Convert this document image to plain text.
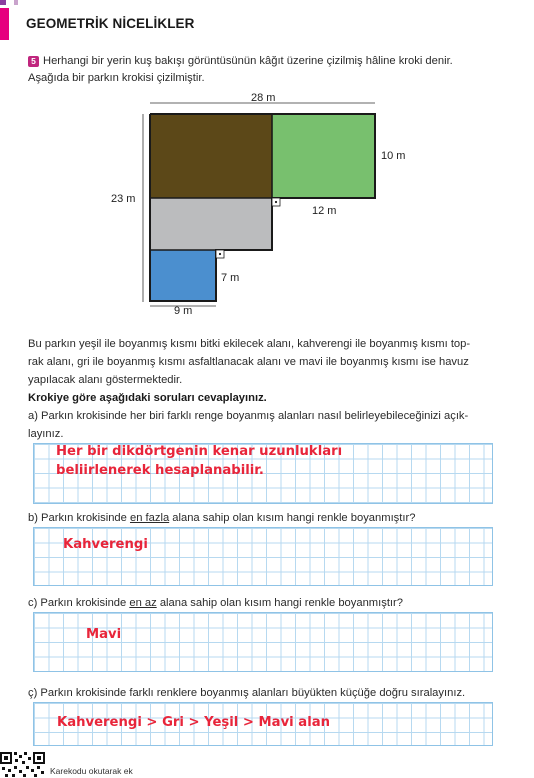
GEOMETRİK NİCELİKLER
5 Herhangi bir yerin kuş bakışı görüntüsünün kâğıt üzerine çizilmiş hâline kroki denir.
Aşağıda bir parkın krokisi çizilmiştir.
28 m
10 m
12 m
23 m
7 m
9 m
Bu parkın yeşil ile boyanmış kısmı bitki ekilecek alanı, kahverengi ile boyanmış kısmı top-
rak alanı, gri ile boyanmış kısmı asfaltlanacak alanı ve mavi ile boyanmış kısmı ise havuz
yapılacak alanı göstermektedir.
Krokiye göre aşağıdaki soruları cevaplayınız.
a) Parkın krokisinde her biri farklı renge boyanmış alanları nasıl belirleyebileceğinizi açık-
layınız.
Her bir dikdörtgenin kenar uzunlukları
beliirlenerek hesaplanabilir.
b) Parkın krokisinde en fazla alana sahip olan kısım hangi renkle boyanmıştır?
Kahverengi
c) Parkın krokisinde en az alana sahip olan kısım hangi renkle boyanmıştır?
Mavi
ç) Parkın krokisinde farklı renklere boyanmış alanları büyükten küçüğe doğru sıralayınız.
Kahverengi > Gri > Yeşil > Mavi alan
Karekodu okutarak ek
